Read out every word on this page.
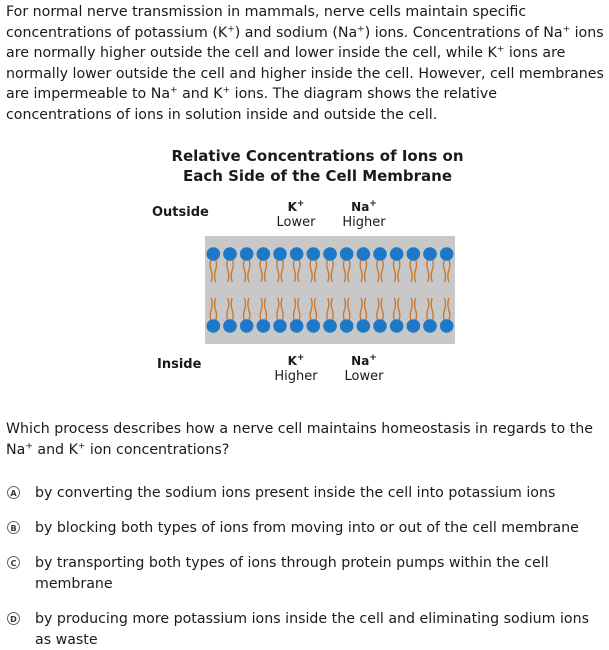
For normal nerve transmission in mammals, nerve cells maintain specific concentrations of potassium (K+) and sodium (Na+) ions. Concentrations of Na+ ions are normally higher outside the cell and lower inside the cell, while K+ ions are normally lower outside the cell and higher inside the cell. However, cell membranes are impermeable to Na+ and K+ ions. The diagram shows the relative concentrations of ions in solution inside and outside the cell.

Relative Concentrations of Ions on
Each Side of the Cell Membrane
Outside
Inside
K+
Lower
Na+
Higher
K+
Higher
Na+
Lower

Which process describes how a nerve cell maintains homeostasis in regards to the Na+ and K+ ion concentrations?

A by converting the sodium ions present inside the cell into potassium ions
B by blocking both types of ions from moving into or out of the cell membrane
C by transporting both types of ions through protein pumps within the cell membrane
D by producing more potassium ions inside the cell and eliminating sodium ions as waste
